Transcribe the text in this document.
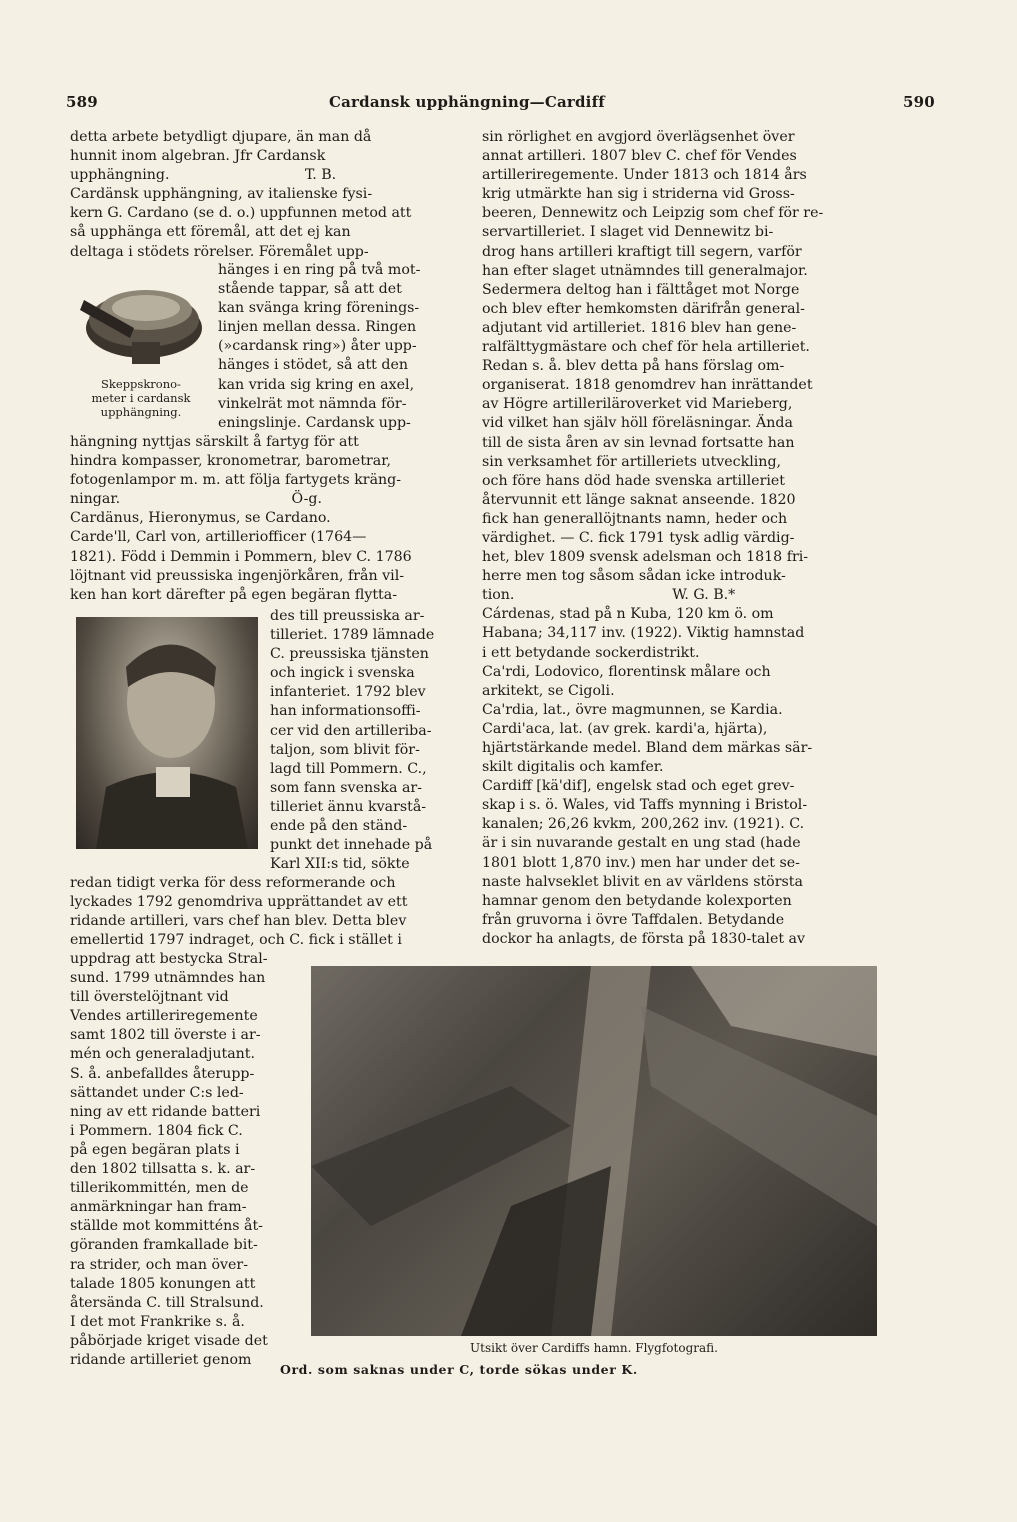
589	Cardansk upphängning—Cardiff	590
detta arbete betydligt djupare, än man då
hunnit inom algebran. Jfr Cardansk
upphängning.                              T. B.
Cardänsk upphängning, av italienske fysi-
kern G. Cardano (se d. o.) uppfunnen metod att
så upphänga ett föremål, att det ej kan
deltaga i stödets rörelser. Föremålet upp-
Skeppskrono-
meter i cardansk
upphängning.
hänges i en ring på två mot-
stående tappar, så att det
kan svänga kring förenings-
linjen mellan dessa. Ringen
(»cardansk ring») åter upp-
hänges i stödet, så att den
kan vrida sig kring en axel,
vinkelrät mot nämnda för-
eningslinje. Cardansk upp-
hängning nyttjas särskilt å fartyg för att
hindra kompasser, kronometrar, barometrar,
fotogenlampor m. m. att följa fartygets kräng-
ningar.                                      Ö-g.
Cardänus, Hieronymus, se Cardano.
Carde'll, Carl von, artilleriofficer (1764—
1821). Född i Demmin i Pommern, blev C. 1786
löjtnant vid preussiska ingenjörkåren, från vil-
ken han kort därefter på egen begäran flytta-
des till preussiska ar-
tilleriet. 1789 lämnade
C. preussiska tjänsten
och ingick i svenska
infanteriet. 1792 blev
han informationsoffi-
cer vid den artilleriba-
taljon, som blivit för-
lagd till Pommern. C.,
som fann svenska ar-
tilleriet ännu kvarstå-
ende på den ständ-
punkt det innehade på
Karl XII:s tid, sökte
redan tidigt verka för dess reformerande och
lyckades 1792 genomdriva upprättandet av ett
ridande artilleri, vars chef han blev. Detta blev
emellertid 1797 indraget, och C. fick i stället i
uppdrag att bestycka Stral-
sund. 1799 utnämndes han
till överstelöjtnant vid
Vendes artilleriregemente
samt 1802 till överste i ar-
mén och generaladjutant.
S. å. anbefalldes återupp-
sättandet under C:s led-
ning av ett ridande batteri
i Pommern. 1804 fick C.
på egen begäran plats i
den 1802 tillsatta s. k. ar-
tillerikommittén, men de
anmärkningar han fram-
ställde mot kommitténs åt-
göranden framkallade bit-
ra strider, och man över-
talade 1805 konungen att
återsända C. till Stralsund.
I det mot Frankrike s. å.
påbörjade kriget visade det
ridande artilleriet genom
sin rörlighet en avgjord överlägsenhet över
annat artilleri. 1807 blev C. chef för Vendes
artilleriregemente. Under 1813 och 1814 års
krig utmärkte han sig i striderna vid Gross-
beeren, Dennewitz och Leipzig som chef för re-
servartilleriet. I slaget vid Dennewitz bi-
drog hans artilleri kraftigt till segern, varför
han efter slaget utnämndes till generalmajor.
Sedermera deltog han i fälttåget mot Norge
och blev efter hemkomsten därifrån general-
adjutant vid artilleriet. 1816 blev han gene-
ralfälttygmästare och chef för hela artilleriet.
Redan s. å. blev detta på hans förslag om-
organiserat. 1818 genomdrev han inrättandet
av Högre artilleriläroverket vid Marieberg,
vid vilket han själv höll föreläsningar. Ända
till de sista åren av sin levnad fortsatte han
sin verksamhet för artilleriets utveckling,
och före hans död hade svenska artilleriet
återvunnit ett länge saknat anseende. 1820
fick han generallöjtnants namn, heder och
värdighet. — C. fick 1791 tysk adlig värdig-
het, blev 1809 svensk adelsman och 1818 fri-
herre men tog såsom sådan icke introduk-
tion.                                   W. G. B.*
Cárdenas, stad på n Kuba, 120 km ö. om
Habana; 34,117 inv. (1922). Viktig hamnstad
i ett betydande sockerdistrikt.
Ca'rdi, Lodovico, florentinsk målare och
arkitekt, se Cigoli.
Ca'rdia, lat., övre magmunnen, se Kardia.
Cardi'aca, lat. (av grek. kardi'a, hjärta),
hjärtstärkande medel. Bland dem märkas sär-
skilt digitalis och kamfer.
Cardiff [kä'dif], engelsk stad och eget grev-
skap i s. ö. Wales, vid Taffs mynning i Bristol-
kanalen; 26,26 kvkm, 200,262 inv. (1921). C.
är i sin nuvarande gestalt en ung stad (hade
1801 blott 1,870 inv.) men har under det se-
naste halvseklet blivit en av världens största
hamnar genom den betydande kolexporten
från gruvorna i övre Taffdalen. Betydande
dockor ha anlagts, de första på 1830-talet av
Utsikt över Cardiffs hamn. Flygfotografi.
Ord. som saknas under C, torde sökas under K.
